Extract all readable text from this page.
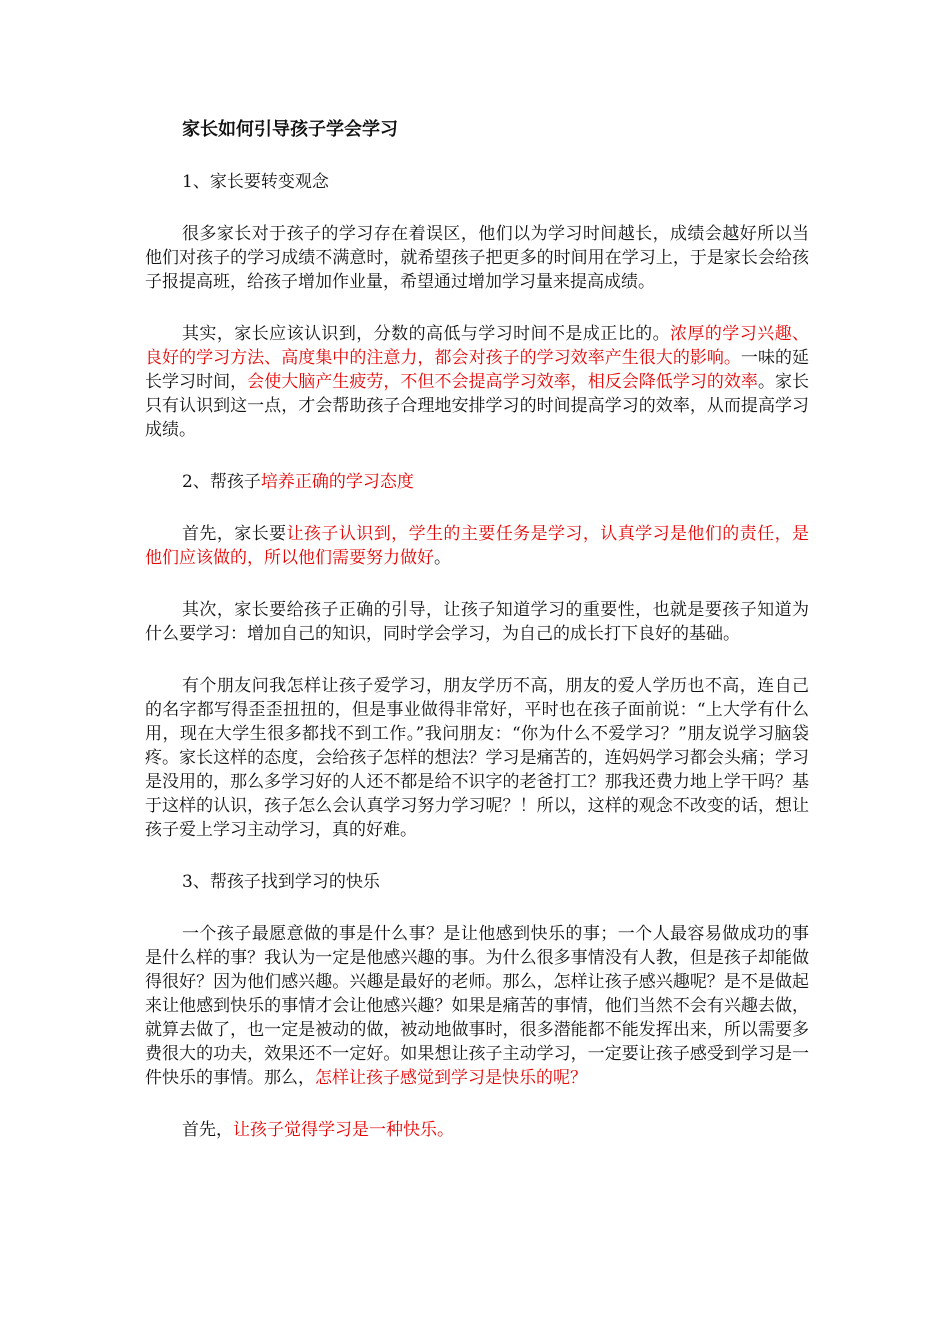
家长如何引导孩子学会学习
1、家长要转变观念

很多家长对于孩子的学习存在着误区，他们以为学习时间越长，成绩会越好所以当他们对孩子的学习成绩不满意时，就希望孩子把更多的时间用在学习上，于是家长会给孩子报提高班，给孩子增加作业量，希望通过增加学习量来提高成绩。

其实，家长应该认识到，分数的高低与学习时间不是成正比的。浓厚的学习兴趣、良好的学习方法、高度集中的注意力，都会对孩子的学习效率产生很大的影响。一味的延长学习时间，会使大脑产生疲劳，不但不会提高学习效率，相反会降低学习的效率。家长只有认识到这一点，才会帮助孩子合理地安排学习的时间提高学习的效率，从而提高学习成绩。

2、帮孩子培养正确的学习态度

首先，家长要让孩子认识到，学生的主要任务是学习，认真学习是他们的责任，是他们应该做的，所以他们需要努力做好。

其次，家长要给孩子正确的引导，让孩子知道学习的重要性，也就是要孩子知道为什么要学习：增加自己的知识，同时学会学习，为自己的成长打下良好的基础。

有个朋友问我怎样让孩子爱学习，朋友学历不高，朋友的爱人学历也不高，连自己的名字都写得歪歪扭扭的，但是事业做得非常好，平时也在孩子面前说：“上大学有什么用，现在大学生很多都找不到工作。”我问朋友：“你为什么不爱学习？”朋友说学习脑袋疼。家长这样的态度，会给孩子怎样的想法？学习是痛苦的，连妈妈学习都会头痛；学习是没用的，那么多学习好的人还不都是给不识字的老爸打工？那我还费力地上学干吗？基于这样的认识，孩子怎么会认真学习努力学习呢？！所以，这样的观念不改变的话，想让孩子爱上学习主动学习，真的好难。

3、帮孩子找到学习的快乐

一个孩子最愿意做的事是什么事？是让他感到快乐的事；一个人最容易做成功的事是什么样的事？我认为一定是他感兴趣的事。为什么很多事情没有人教，但是孩子却能做得很好？因为他们感兴趣。兴趣是最好的老师。那么，怎样让孩子感兴趣呢？是不是做起来让他感到快乐的事情才会让他感兴趣？如果是痛苦的事情，他们当然不会有兴趣去做，就算去做了，也一定是被动的做，被动地做事时，很多潜能都不能发挥出来，所以需要多费很大的功夫，效果还不一定好。如果想让孩子主动学习，一定要让孩子感受到学习是一件快乐的事情。那么，怎样让孩子感觉到学习是快乐的呢？

首先，让孩子觉得学习是一种快乐。
